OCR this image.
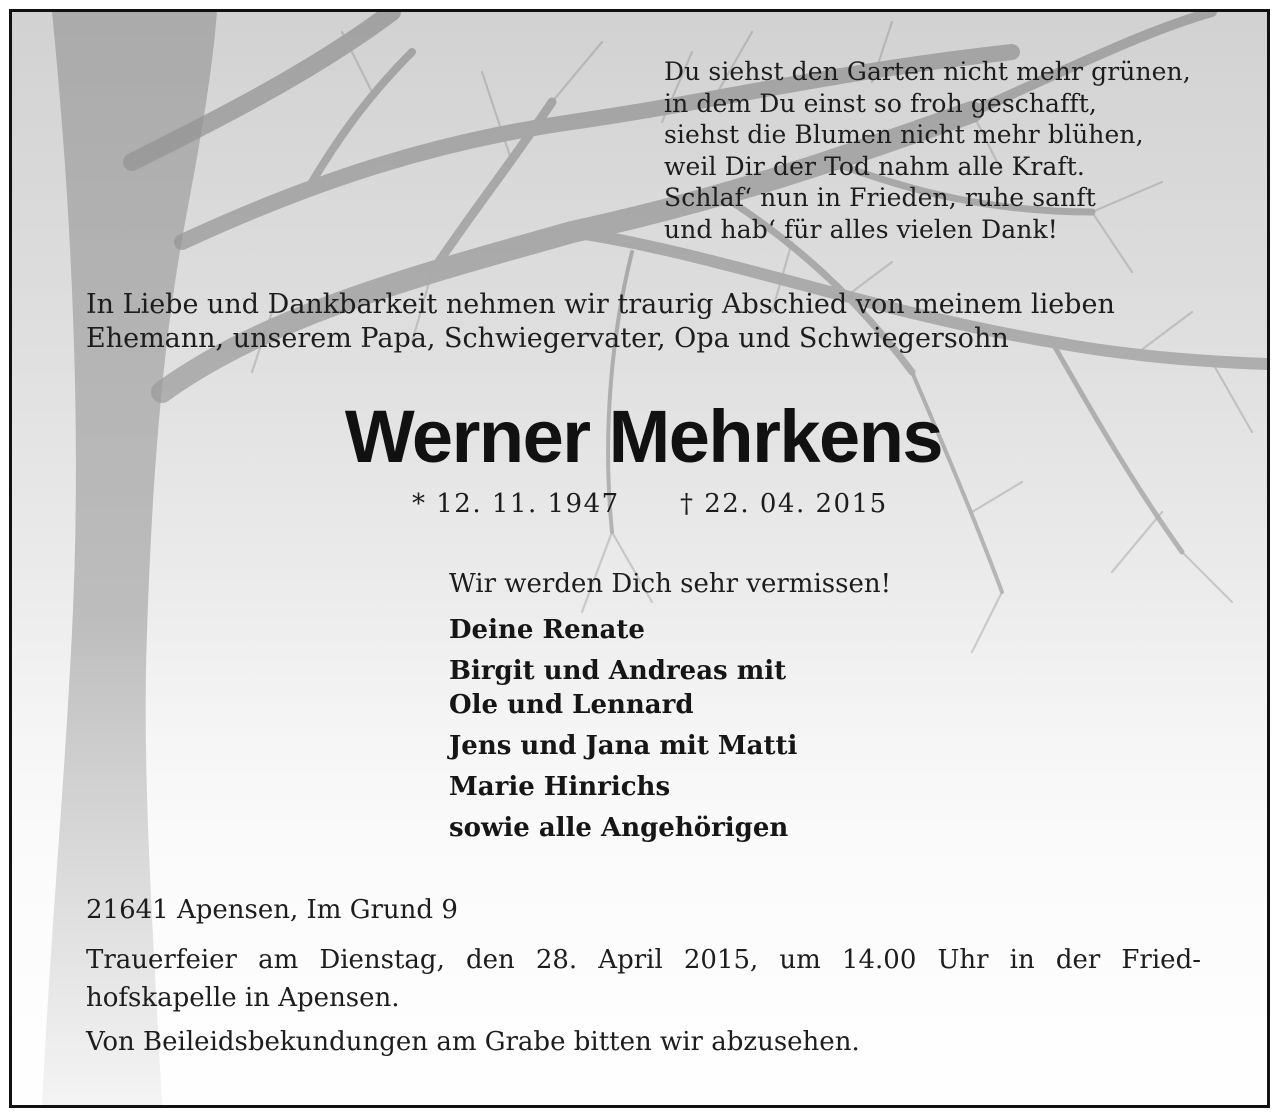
Du siehst den Garten nicht mehr grünen,
in dem Du einst so froh geschafft,
siehst die Blumen nicht mehr blühen,
weil Dir der Tod nahm alle Kraft.
Schlaf‘ nun in Frieden, ruhe sanft
und hab‘ für alles vielen Dank!
In Liebe und Dankbarkeit nehmen wir traurig Abschied von meinem lieben
Ehemann, unserem Papa, Schwiegervater, Opa und Schwiegersohn
Werner Mehrkens
* 12. 11. 1947 † 22. 04. 2015
Wir werden Dich sehr vermissen!
Deine Renate
Birgit und Andreas mit
Ole und Lennard
Jens und Jana mit Matti
Marie Hinrichs
sowie alle Angehörigen
21641 Apensen, Im Grund 9
Trauerfeier am Dienstag, den 28. April 2015, um 14.00 Uhr in der Fried-
hofskapelle in Apensen.
Von Beileidsbekundungen am Grabe bitten wir abzusehen.
